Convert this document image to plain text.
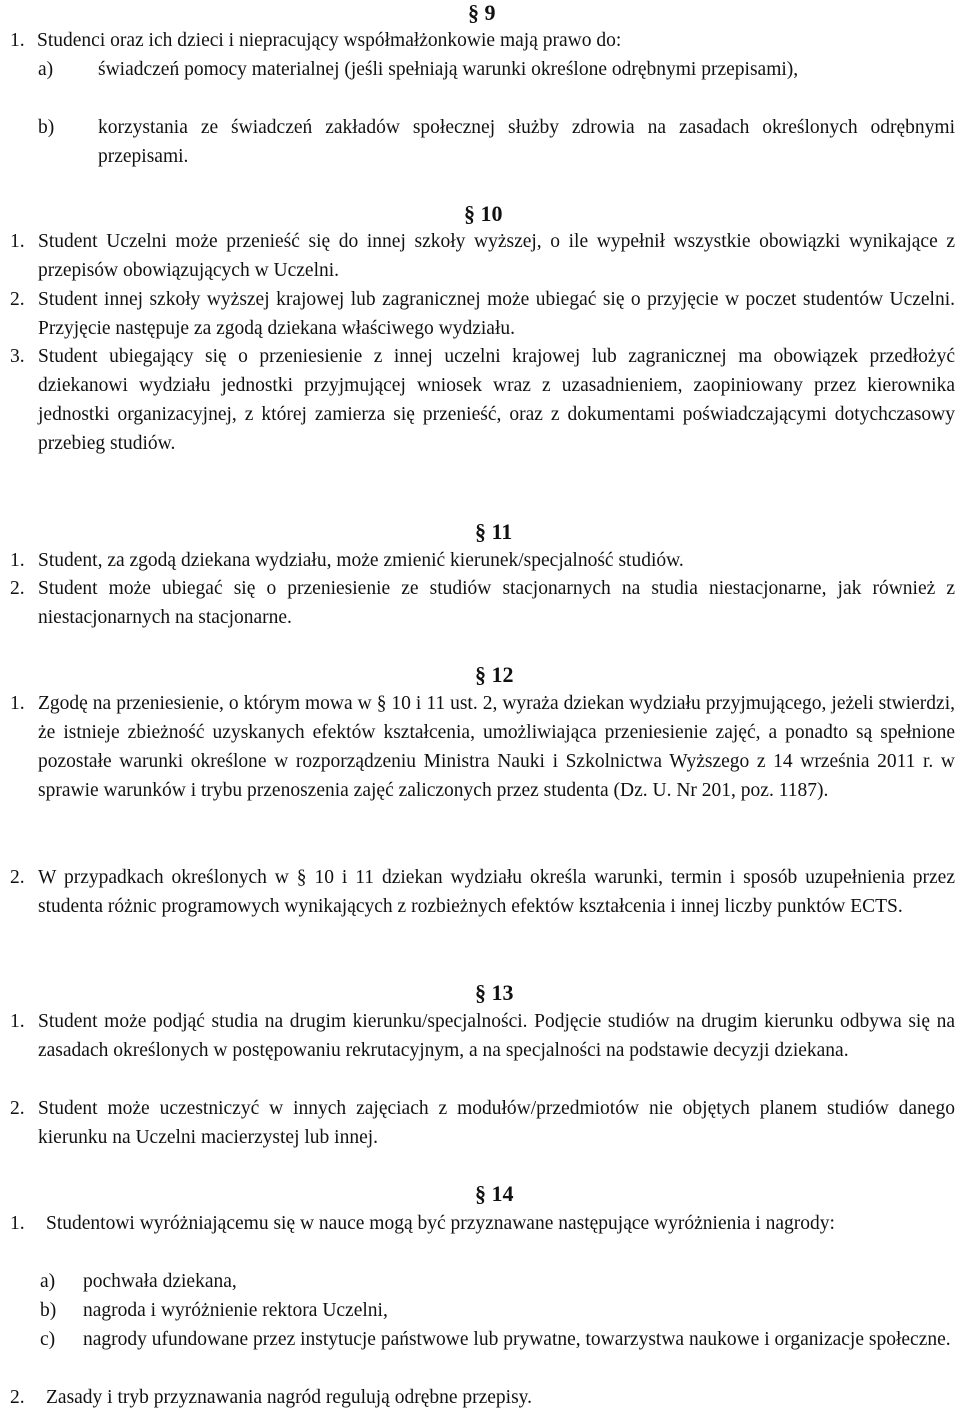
§ 9
1. Studenci oraz ich dzieci i niepracujący współmałżonkowie mają prawo do:
a)	świadczeń pomocy materialnej (jeśli spełniają warunki określone odrębnymi przepisami),
b)	korzystania ze świadczeń zakładów społecznej służby zdrowia na zasadach określonych odrębnymi przepisami.
§ 10
1. Student Uczelni może przenieść się do innej szkoły wyższej, o ile wypełnił wszystkie obowiązki wynikające z przepisów obowiązujących w Uczelni.
2. Student innej szkoły wyższej krajowej lub zagranicznej może ubiegać się o przyjęcie w poczet studentów Uczelni. Przyjęcie następuje za zgodą dziekana właściwego wydziału.
3. Student ubiegający się o przeniesienie z innej uczelni krajowej lub zagranicznej ma obowiązek przedłożyć dziekanowi wydziału jednostki przyjmującej wniosek wraz z uzasadnieniem, zaopiniowany przez kierownika jednostki organizacyjnej, z której zamierza się przenieść, oraz z dokumentami poświadczającymi dotychczasowy przebieg studiów.
§ 11
1. Student, za zgodą dziekana wydziału, może zmienić kierunek/specjalność studiów.
2. Student może ubiegać się o przeniesienie ze studiów stacjonarnych na studia niestacjonarne, jak również z niestacjonarnych na stacjonarne.
§ 12
1. Zgodę na przeniesienie, o którym mowa w § 10 i 11 ust. 2, wyraża dziekan wydziału przyjmującego, jeżeli stwierdzi, że istnieje zbieżność uzyskanych efektów kształcenia, umożliwiająca przeniesienie zajęć, a ponadto są spełnione pozostałe warunki określone w rozporządzeniu Ministra Nauki i Szkolnictwa Wyższego z 14 września 2011 r. w sprawie warunków i trybu przenoszenia zajęć zaliczonych przez studenta (Dz. U. Nr 201, poz. 1187).
2. W przypadkach określonych w § 10 i 11 dziekan wydziału określa warunki, termin i sposób uzupełnienia przez studenta różnic programowych wynikających z rozbieżnych efektów kształcenia i innej liczby punktów ECTS.
§ 13
1. Student może podjąć studia na drugim kierunku/specjalności. Podjęcie studiów na drugim kierunku odbywa się na zasadach określonych w postępowaniu rekrutacyjnym, a na specjalności na podstawie decyzji dziekana.
2. Student może uczestniczyć w innych zajęciach z modułów/przedmiotów nie objętych planem studiów danego kierunku na Uczelni macierzystej lub innej.
§ 14
1.	Studentowi wyróżniającemu się w nauce mogą być przyznawane następujące wyróżnienia i nagrody:
a)	pochwała dziekana,
b)	nagroda i wyróżnienie rektora Uczelni,
c)	nagrody ufundowane przez instytucje państwowe lub prywatne, towarzystwa naukowe i organizacje społeczne.
2.	Zasady i tryb przyznawania nagród regulują odrębne przepisy.
